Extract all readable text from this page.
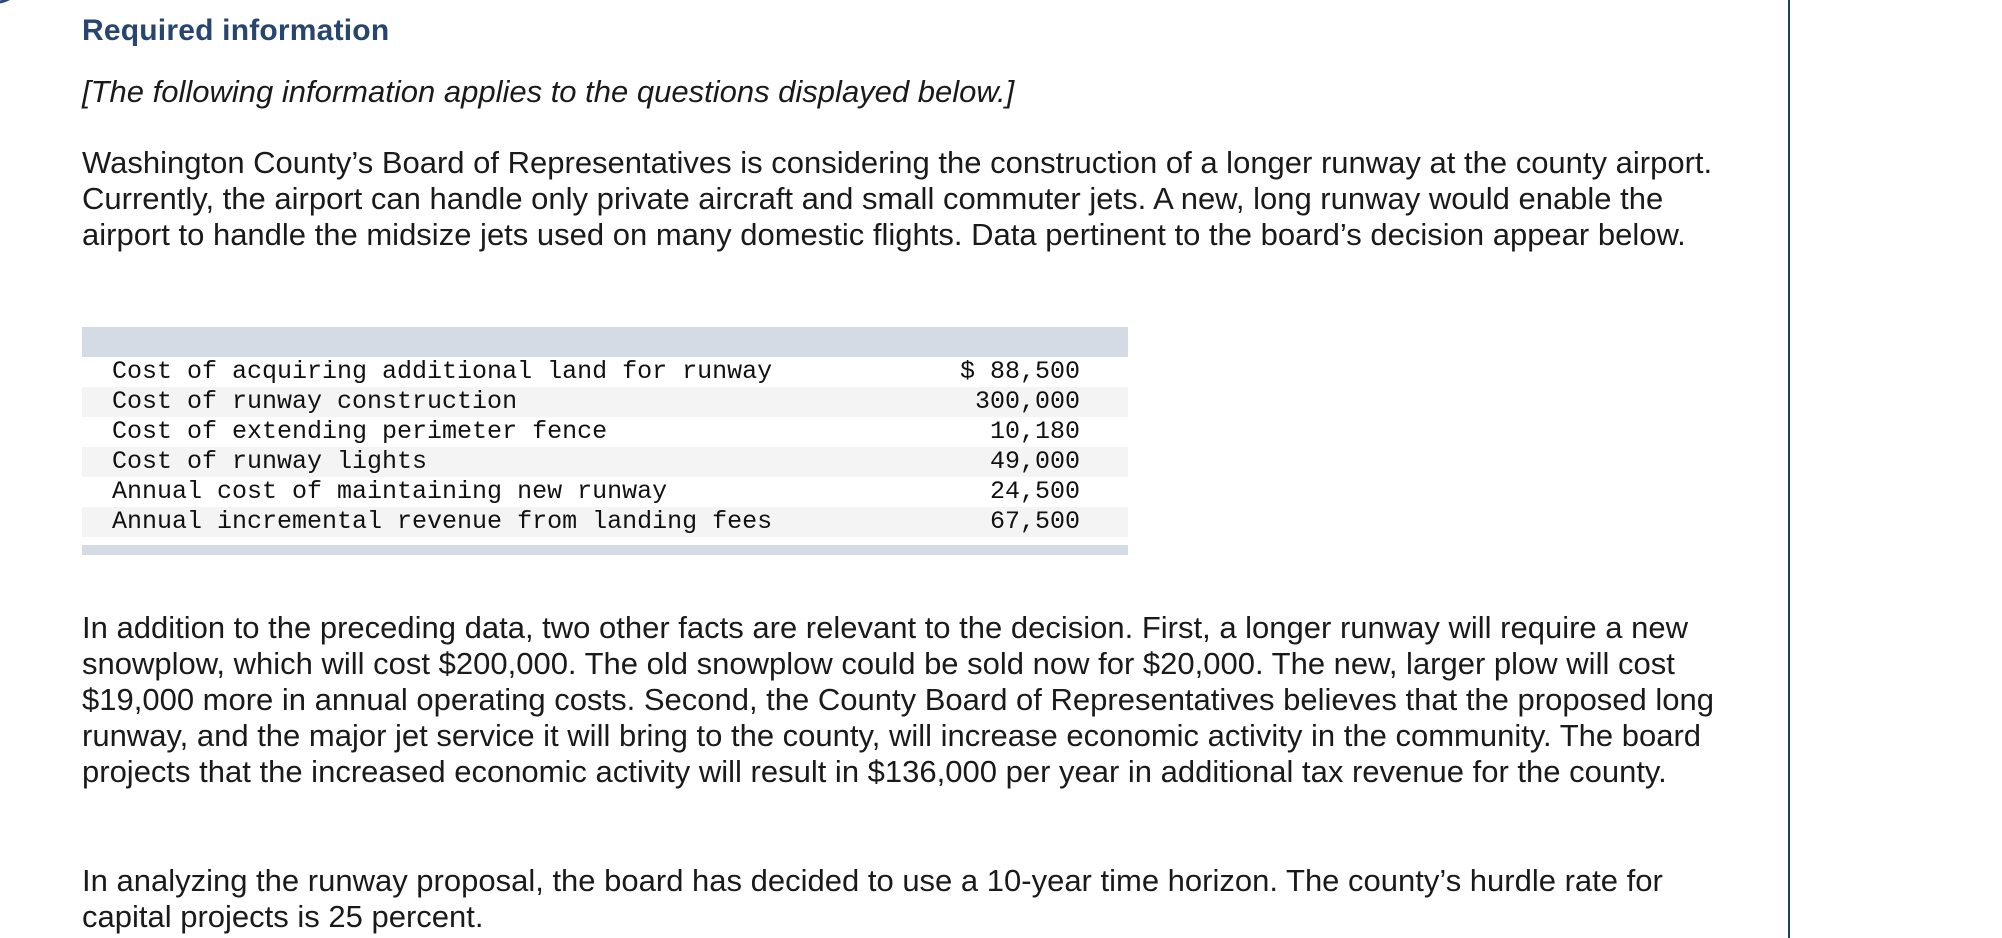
Required information
[The following information applies to the questions displayed below.]

Washington County’s Board of Representatives is considering the construction of a longer runway at the county airport. Currently, the airport can handle only private aircraft and small commuter jets. A new, long runway would enable the airport to handle the midsize jets used on many domestic flights. Data pertinent to the board’s decision appear below.

In addition to the preceding data, two other facts are relevant to the decision. First, a longer runway will require a new snowplow, which will cost $200,000. The old snowplow could be sold now for $20,000. The new, larger plow will cost $19,000 more in annual operating costs. Second, the County Board of Representatives believes that the proposed long runway, and the major jet service it will bring to the county, will increase economic activity in the community. The board projects that the increased economic activity will result in $136,000 per year in additional tax revenue for the county.

In analyzing the runway proposal, the board has decided to use a 10-year time horizon. The county’s hurdle rate for capital projects is 25 percent.

Cost of acquiring additional land for runway	$ 88,500
Cost of runway construction	300,000
Cost of extending perimeter fence	10,180
Cost of runway lights	49,000
Annual cost of maintaining new runway	24,500
Annual incremental revenue from landing fees	67,500
